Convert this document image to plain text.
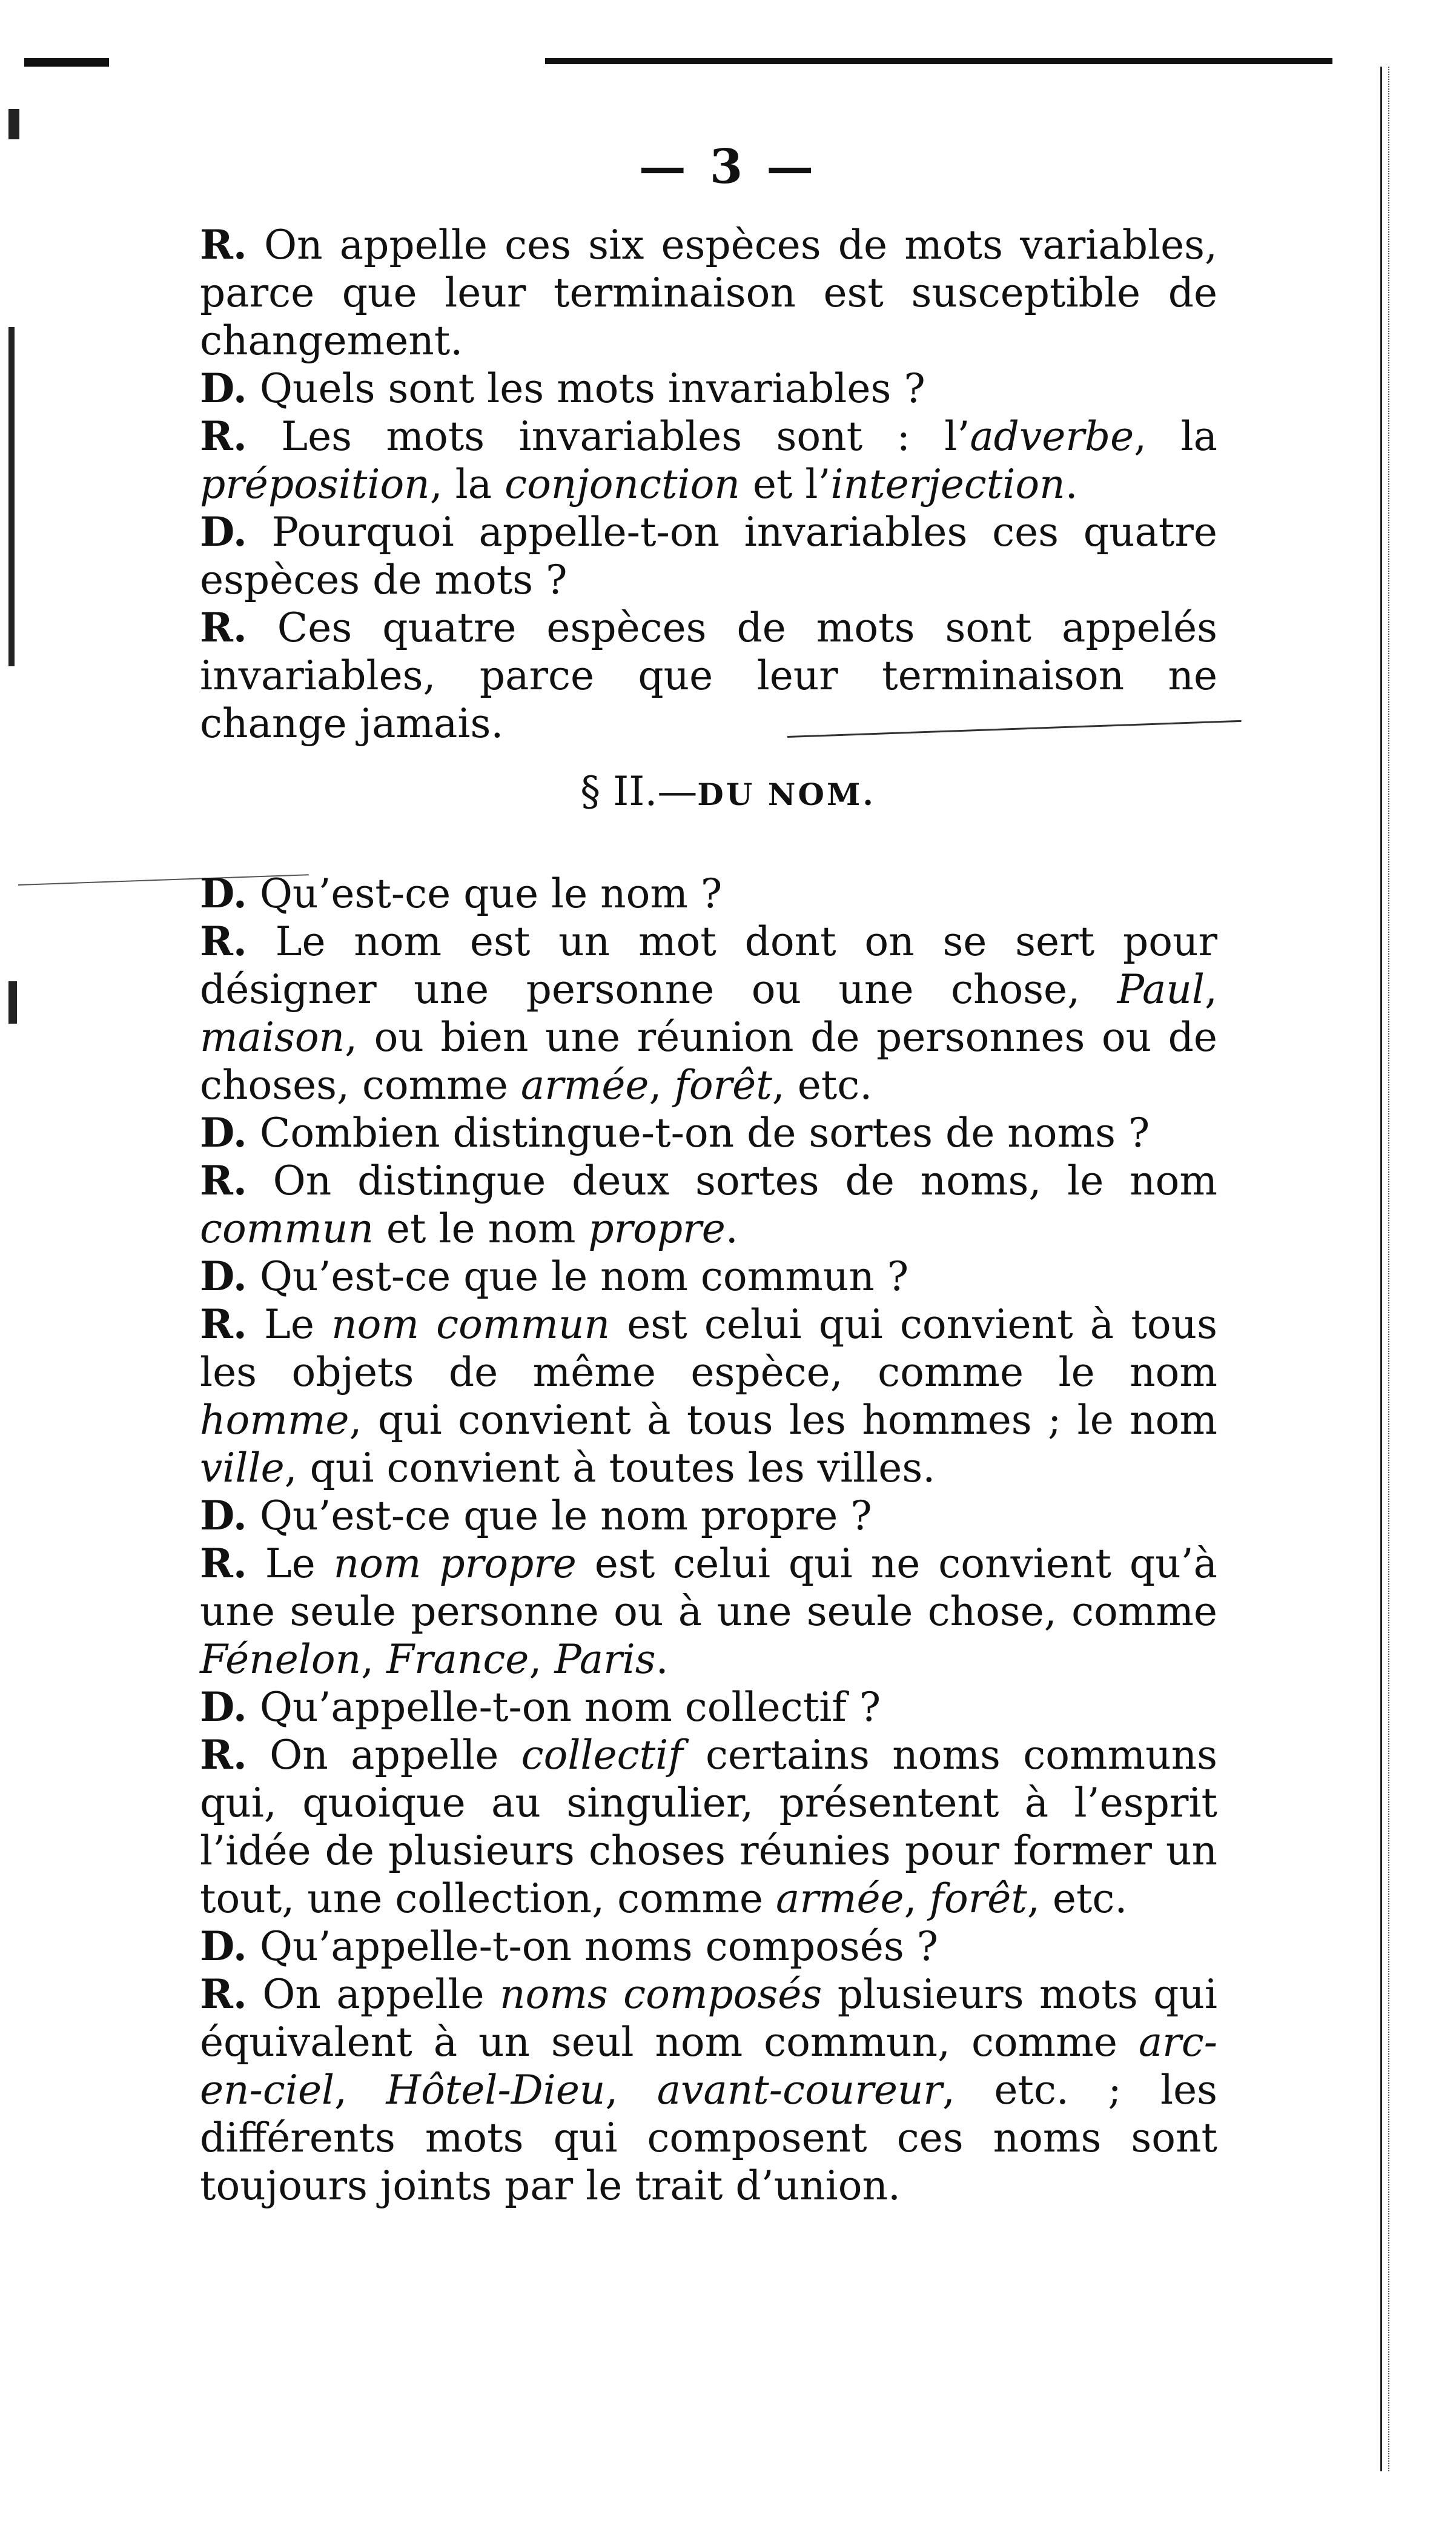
— 3 —

R. On appelle ces six espèces de mots variables, parce que leur terminaison est susceptible de changement.

D. Quels sont les mots invariables ?

R. Les mots invariables sont : l’adverbe, la préposition, la conjonction et l’interjection.

D. Pourquoi appelle-t-on invariables ces quatre espèces de mots ?

R. Ces quatre espèces de mots sont appelés invariables, parce que leur terminaison ne change jamais.

§ II.—DU NOM.

D. Qu’est-ce que le nom ?

R. Le nom est un mot dont on se sert pour désigner une personne ou une chose, Paul, maison, ou bien une réunion de personnes ou de choses, comme armée, forêt, etc.

D. Combien distingue-t-on de sortes de noms ?

R. On distingue deux sortes de noms, le nom commun et le nom propre.

D. Qu’est-ce que le nom commun ?

R. Le nom commun est celui qui convient à tous les objets de même espèce, comme le nom homme, qui convient à tous les hommes ; le nom ville, qui convient à toutes les villes.

D. Qu’est-ce que le nom propre ?

R. Le nom propre est celui qui ne convient qu’à une seule personne ou à une seule chose, comme Fénelon, France, Paris.

D. Qu’appelle-t-on nom collectif ?

R. On appelle collectif certains noms communs qui, quoique au singulier, présentent à l’esprit l’idée de plusieurs choses réunies pour former un tout, une collection, comme armée, forêt, etc.

D. Qu’appelle-t-on noms composés ?

R. On appelle noms composés plusieurs mots qui équivalent à un seul nom commun, comme arc-en-ciel, Hôtel-Dieu, avant-coureur, etc. ; les différents mots qui composent ces noms sont toujours joints par le trait d’union.
